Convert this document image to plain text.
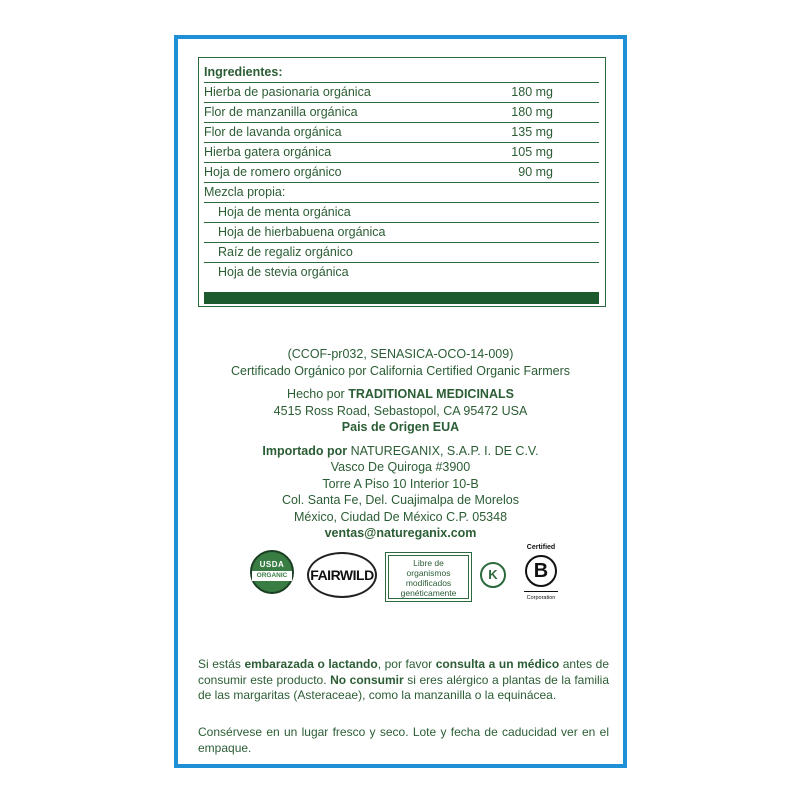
Ingredientes:
Hierba de pasionaria orgánica	180 mg
Flor de manzanilla orgánica	180 mg
Flor de lavanda orgánica	135 mg
Hierba gatera orgánica	105 mg
Hoja de romero orgánico	90 mg
Mezcla propia:
Hoja de menta orgánica
Hoja de hierbabuena orgánica
Raíz de regaliz orgánico
Hoja de stevia orgánica
(CCOF-pr032, SENASICA-OCO-14-009)
Certificado Orgánico por California Certified Organic Farmers
Hecho por TRADITIONAL MEDICINALS
4515 Ross Road, Sebastopol, CA 95472 USA
Pais de Origen EUA
Importado por NATUREGANIX, S.A.P. I. DE C.V.
Vasco De Quiroga #3900
Torre A Piso 10 Interior 10-B
Col. Santa Fe, Del. Cuajimalpa de Morelos
México, Ciudad De México C.P. 05348
ventas@natureganix.com
USDA
ORGANIC	FAIRWILD
Libre de
organismos
modificados
genéticamente
K
Certified
B
Corporation
Si estás embarazada o lactando, por favor consulta a un médico antes de consumir este producto. No consumir si eres alérgico a plantas de la familia de las margaritas (Asteraceae), como la manzanilla o la equinácea.
Consérvese en un lugar fresco y seco. Lote y fecha de caducidad ver en el empaque.
